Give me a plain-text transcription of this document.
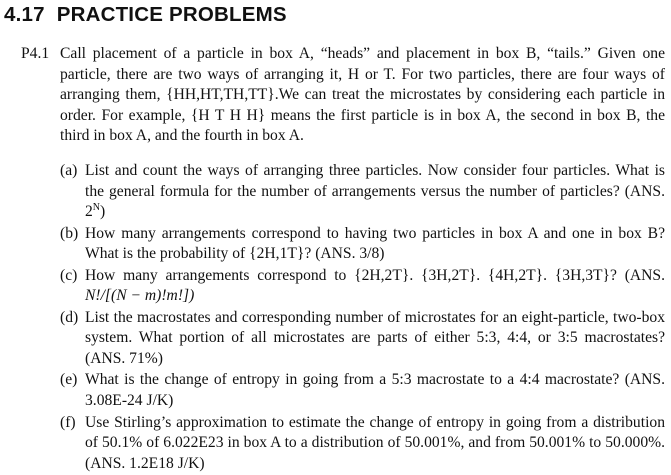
4.17 PRACTICE PROBLEMS
P4.1 Call placement of a particle in box A, “heads” and placement in box B, “tails.” Given one particle, there are two ways of arranging it, H or T. For two particles, there are four ways of arranging them, {HH,HT,TH,TT}.We can treat the microstates by considering each particle in order. For example, {H T H H} means the first particle is in box A, the second in box B, the third in box A, and the fourth in box A.

(a) List and count the ways of arranging three particles. Now consider four particles. What is the general formula for the number of arrangements versus the number of particles? (ANS. $2^N$)

(b) How many arrangements correspond to having two particles in box A and one in box B? What is the probability of {2H,1T}? (ANS. 3/8)

(c) How many arrangements correspond to {2H,2T}. {3H,2T}. {4H,2T}. {3H,3T}? (ANS. N!/[(N − m)!m!])

(d) List the macrostates and corresponding number of microstates for an eight-particle, two-box system. What portion of all microstates are parts of either 5:3, 4:4, or 3:5 macrostates? (ANS. 71%)

(e) What is the change of entropy in going from a 5:3 macrostate to a 4:4 macrostate? (ANS. 3.08E-24 J/K)

(f) Use Stirling’s approximation to estimate the change of entropy in going from a distribution of 50.1% of 6.022E23 in box A to a distribution of 50.001%, and from 50.001% to 50.000%. (ANS. 1.2E18 J/K)
